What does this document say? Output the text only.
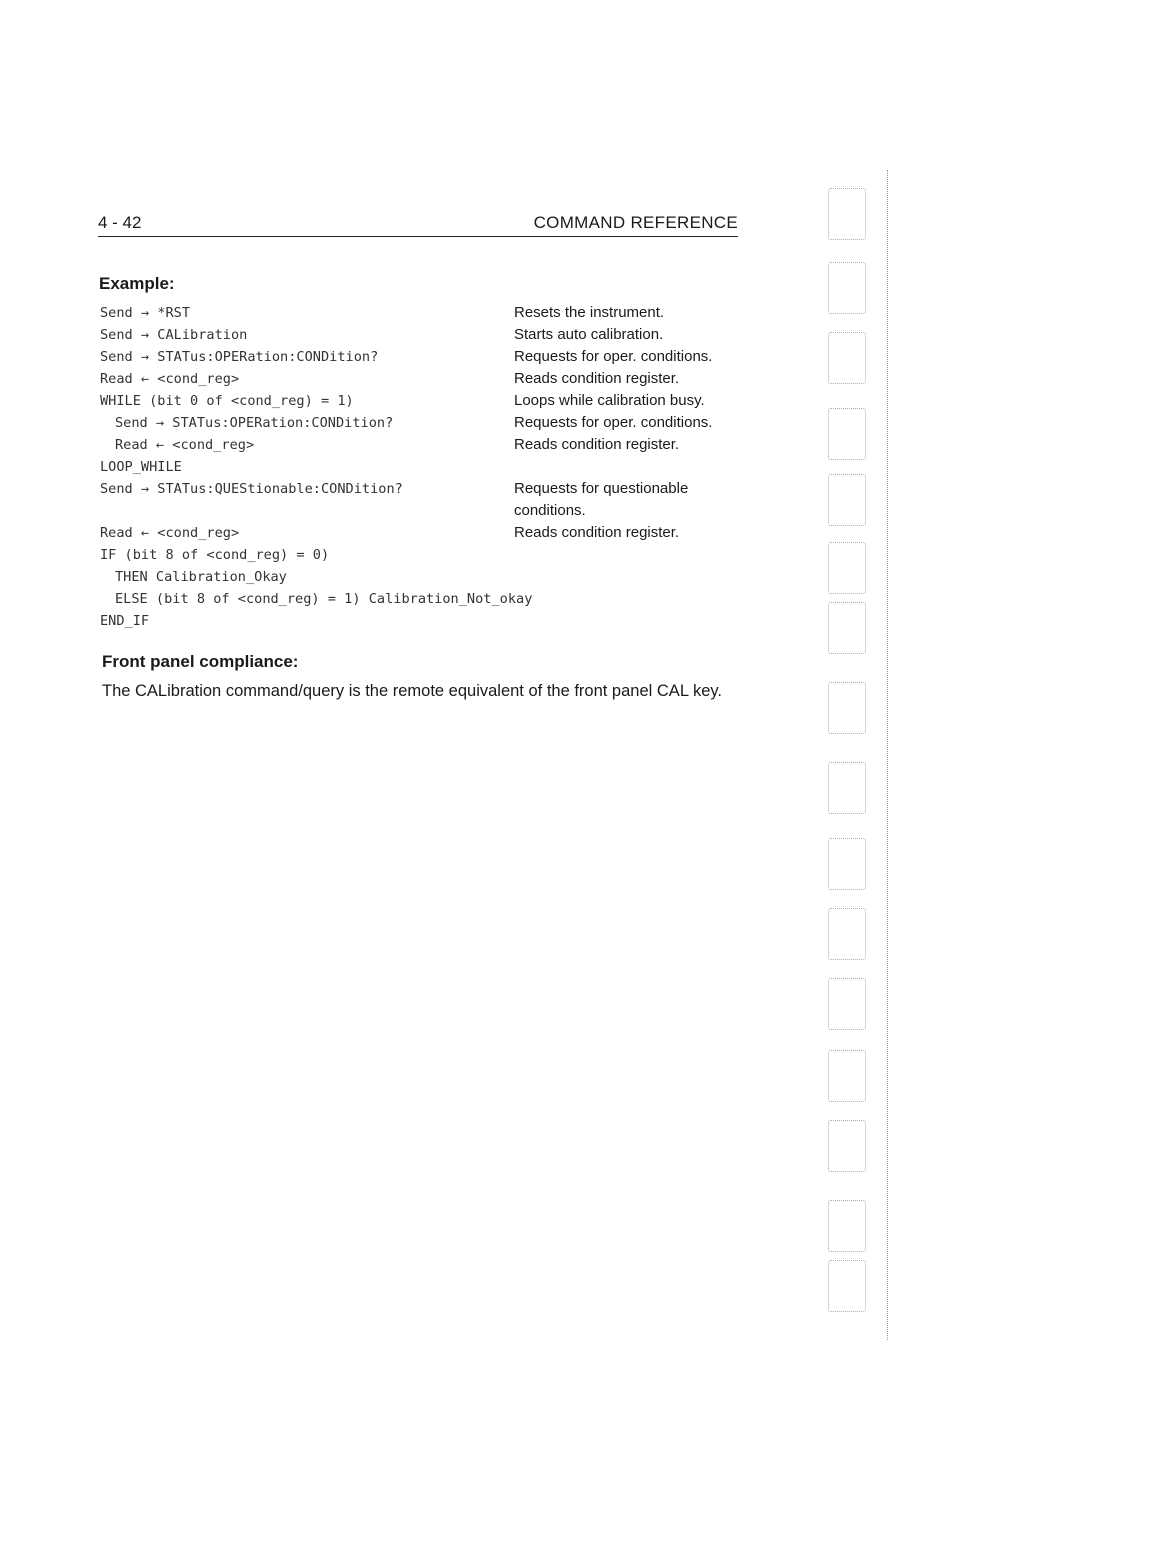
4 - 42	COMMAND REFERENCE
Example:
Send → *RST	Resets the instrument.
Send → CALibration	Starts auto calibration.
Send → STATus:OPERation:CONDition?	Requests for oper. conditions.
Read ← <cond_reg>	Reads condition register.
WHILE (bit 0 of <cond_reg) = 1)	Loops while calibration busy.
Send → STATus:OPERation:CONDition?	Requests for oper. conditions.
Read ← <cond_reg>	Reads condition register.
LOOP_WHILE
Send → STATus:QUEStionable:CONDition?	Requests for questionable conditions.
Read ← <cond_reg>	Reads condition register.
IF (bit 8 of <cond_reg) = 0)
THEN Calibration_Okay
ELSE (bit 8 of <cond_reg) = 1) Calibration_Not_okay
END_IF
Front panel compliance:
The CALibration command/query is the remote equivalent of the front panel CAL key.
